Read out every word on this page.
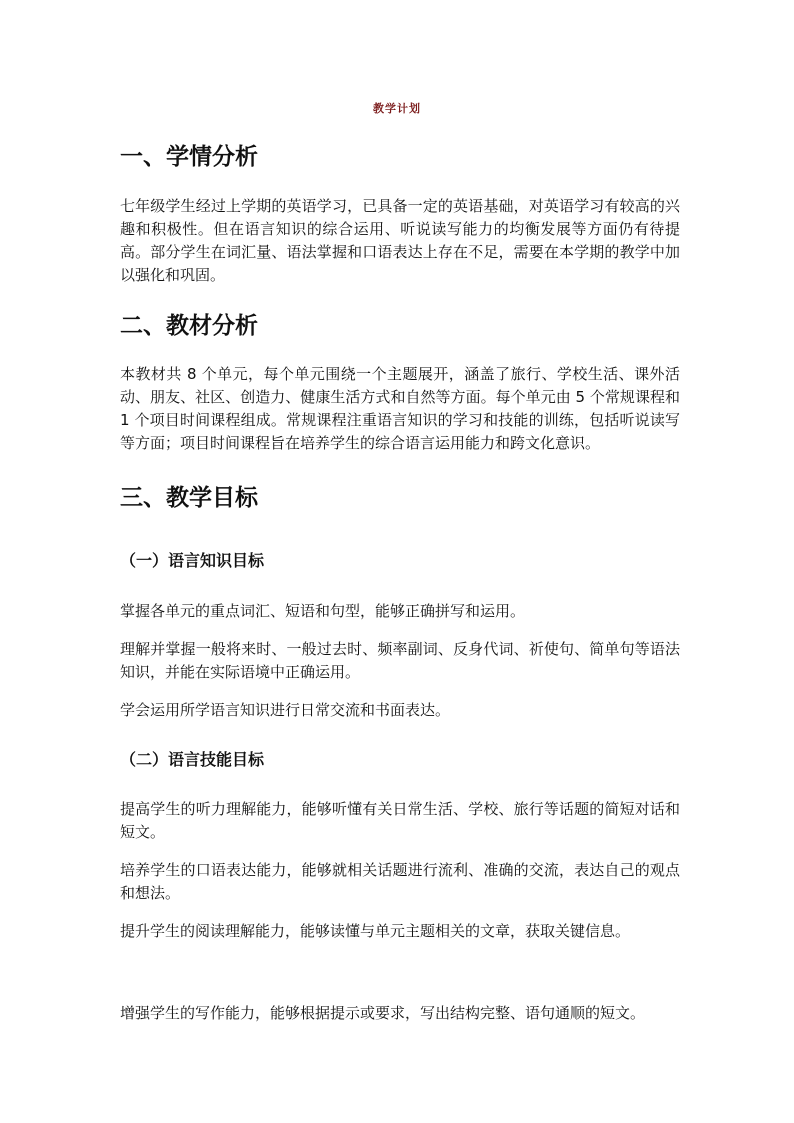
教学计划
一、学情分析

七年级学生经过上学期的英语学习，已具备一定的英语基础，对英语学习有较高的兴趣和积极性。但在语言知识的综合运用、听说读写能力的均衡发展等方面仍有待提高。部分学生在词汇量、语法掌握和口语表达上存在不足，需要在本学期的教学中加以强化和巩固。

二、教材分析

本教材共 8 个单元，每个单元围绕一个主题展开，涵盖了旅行、学校生活、课外活动、朋友、社区、创造力、健康生活方式和自然等方面。每个单元由 5 个常规课程和 1 个项目时间课程组成。常规课程注重语言知识的学习和技能的训练，包括听说读写等方面；项目时间课程旨在培养学生的综合语言运用能力和跨文化意识。

三、教学目标
（一）语言知识目标

掌握各单元的重点词汇、短语和句型，能够正确拼写和运用。

理解并掌握一般将来时、一般过去时、频率副词、反身代词、祈使句、简单句等语法知识，并能在实际语境中正确运用。

学会运用所学语言知识进行日常交流和书面表达。

（二）语言技能目标

提高学生的听力理解能力，能够听懂有关日常生活、学校、旅行等话题的简短对话和短文。

培养学生的口语表达能力，能够就相关话题进行流利、准确的交流，表达自己的观点和想法。

提升学生的阅读理解能力，能够读懂与单元主题相关的文章，获取关键信息。

增强学生的写作能力，能够根据提示或要求，写出结构完整、语句通顺的短文。
